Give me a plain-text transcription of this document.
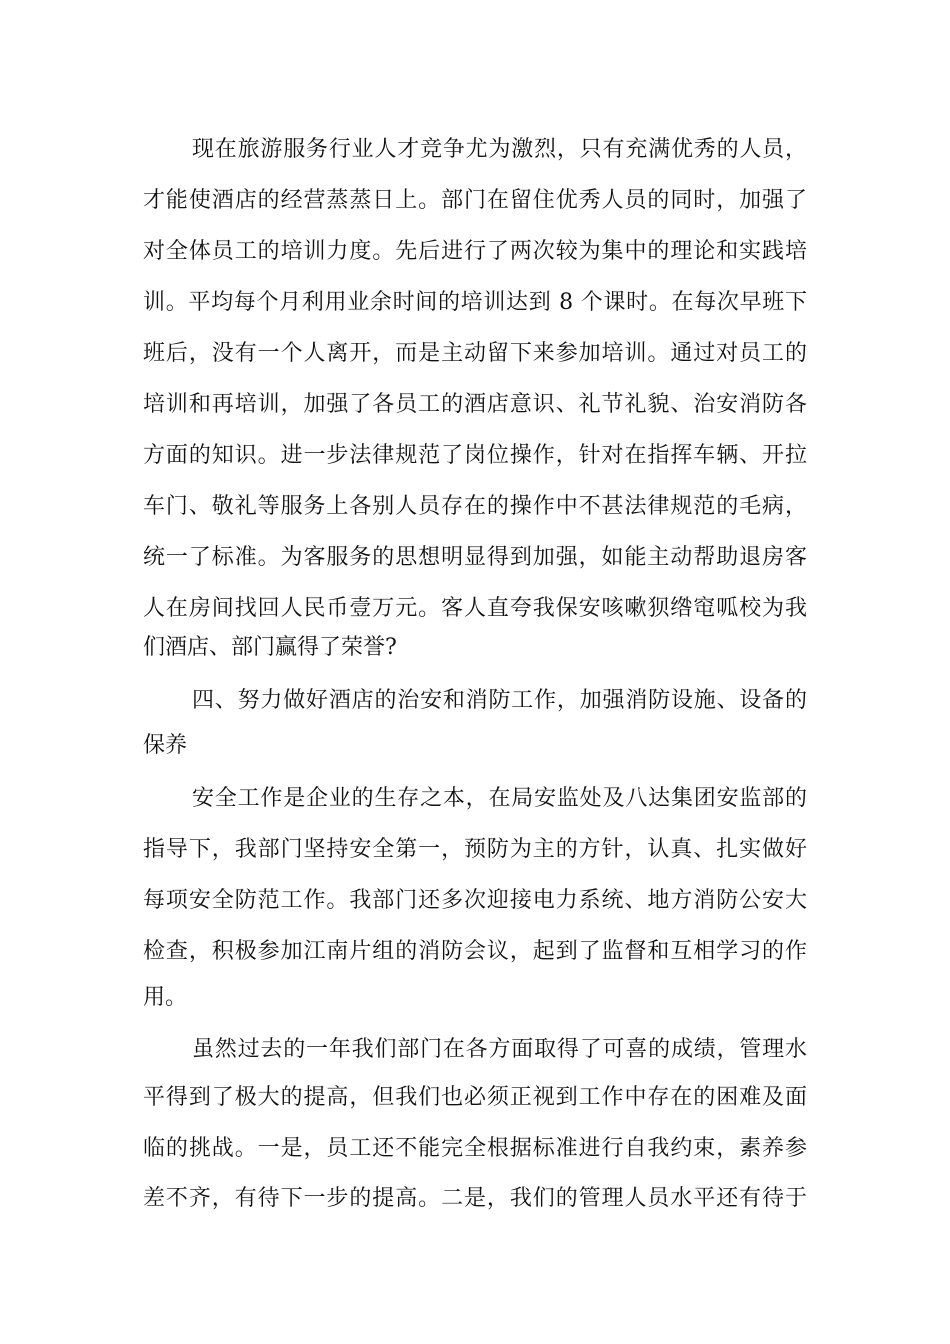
现在旅游服务行业人才竞争尤为激烈，只有充满优秀的人员，
才能使酒店的经营蒸蒸日上。部门在留住优秀人员的同时，加强了
对全体员工的培训力度。先后进行了两次较为集中的理论和实践培
训。平均每个月利用业余时间的培训达到 8 个课时。在每次早班下
班后，没有一个人离开，而是主动留下来参加培训。通过对员工的
培训和再培训，加强了各员工的酒店意识、礼节礼貌、治安消防各
方面的知识。进一步法律规范了岗位操作，针对在指挥车辆、开拉
车门、敬礼等服务上各别人员存在的操作中不甚法律规范的毛病，
统一了标准。为客服务的思想明显得到加强，如能主动帮助退房客
人在房间找回人民币壹万元。客人直夸我保安咳嗽狈绺窀呱校为我
们酒店、部门赢得了荣誉?
四、努力做好酒店的治安和消防工作，加强消防设施、设备的
保养
安全工作是企业的生存之本，在局安监处及八达集团安监部的
指导下，我部门坚持安全第一，预防为主的方针，认真、扎实做好
每项安全防范工作。我部门还多次迎接电力系统、地方消防公安大
检查，积极参加江南片组的消防会议，起到了监督和互相学习的作
用。
虽然过去的一年我们部门在各方面取得了可喜的成绩，管理水
平得到了极大的提高，但我们也必须正视到工作中存在的困难及面
临的挑战。一是，员工还不能完全根据标准进行自我约束，素养参
差不齐，有待下一步的提高。二是，我们的管理人员水平还有待于
